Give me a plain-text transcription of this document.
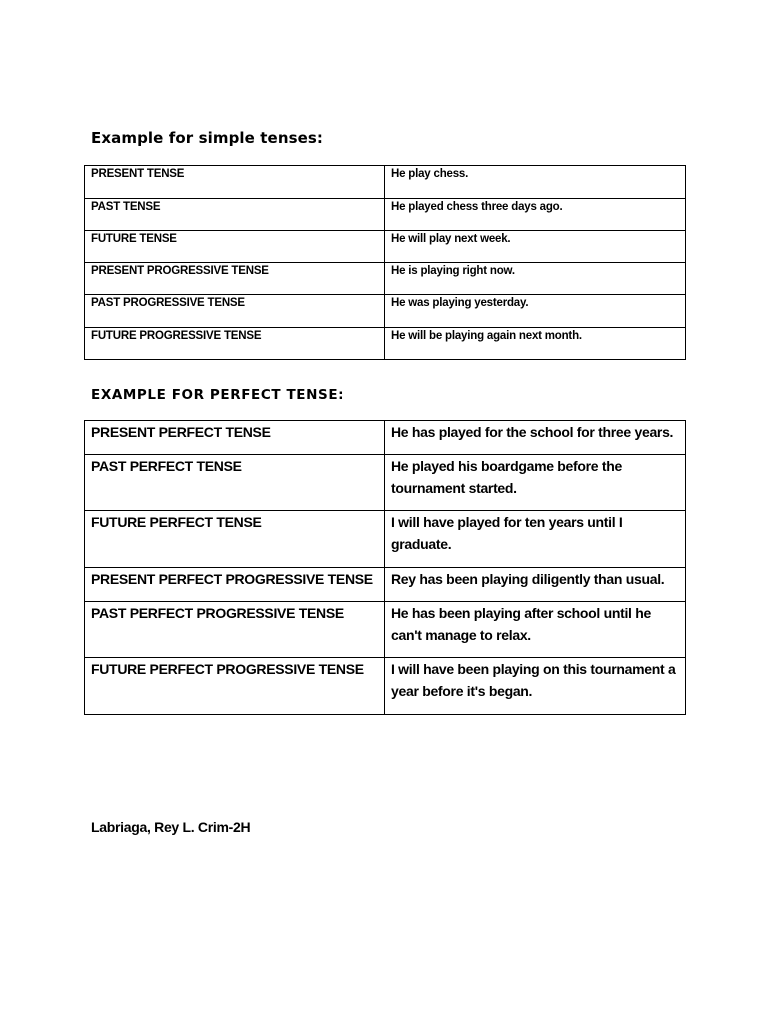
Example for simple tenses:
PRESENT TENSE	He play chess.
PAST TENSE	He played chess three days ago.
FUTURE TENSE	He will play next week.
PRESENT PROGRESSIVE TENSE	He is playing right now.
PAST PROGRESSIVE TENSE	He was playing yesterday.
FUTURE PROGRESSIVE TENSE	He will be playing again next month.
EXAMPLE FOR PERFECT TENSE:
PRESENT PERFECT TENSE	He has played for the school for three years.
PAST PERFECT TENSE	He played his boardgame before the tournament started.
FUTURE PERFECT TENSE	I will have played for ten years until I graduate.
PRESENT PERFECT PROGRESSIVE TENSE	Rey has been playing diligently than usual.
PAST PERFECT PROGRESSIVE TENSE	He has been playing after school until he can't manage to relax.
FUTURE PERFECT PROGRESSIVE TENSE	I will have been playing on this tournament a year before it's began.
Labriaga, Rey L. Crim-2H
